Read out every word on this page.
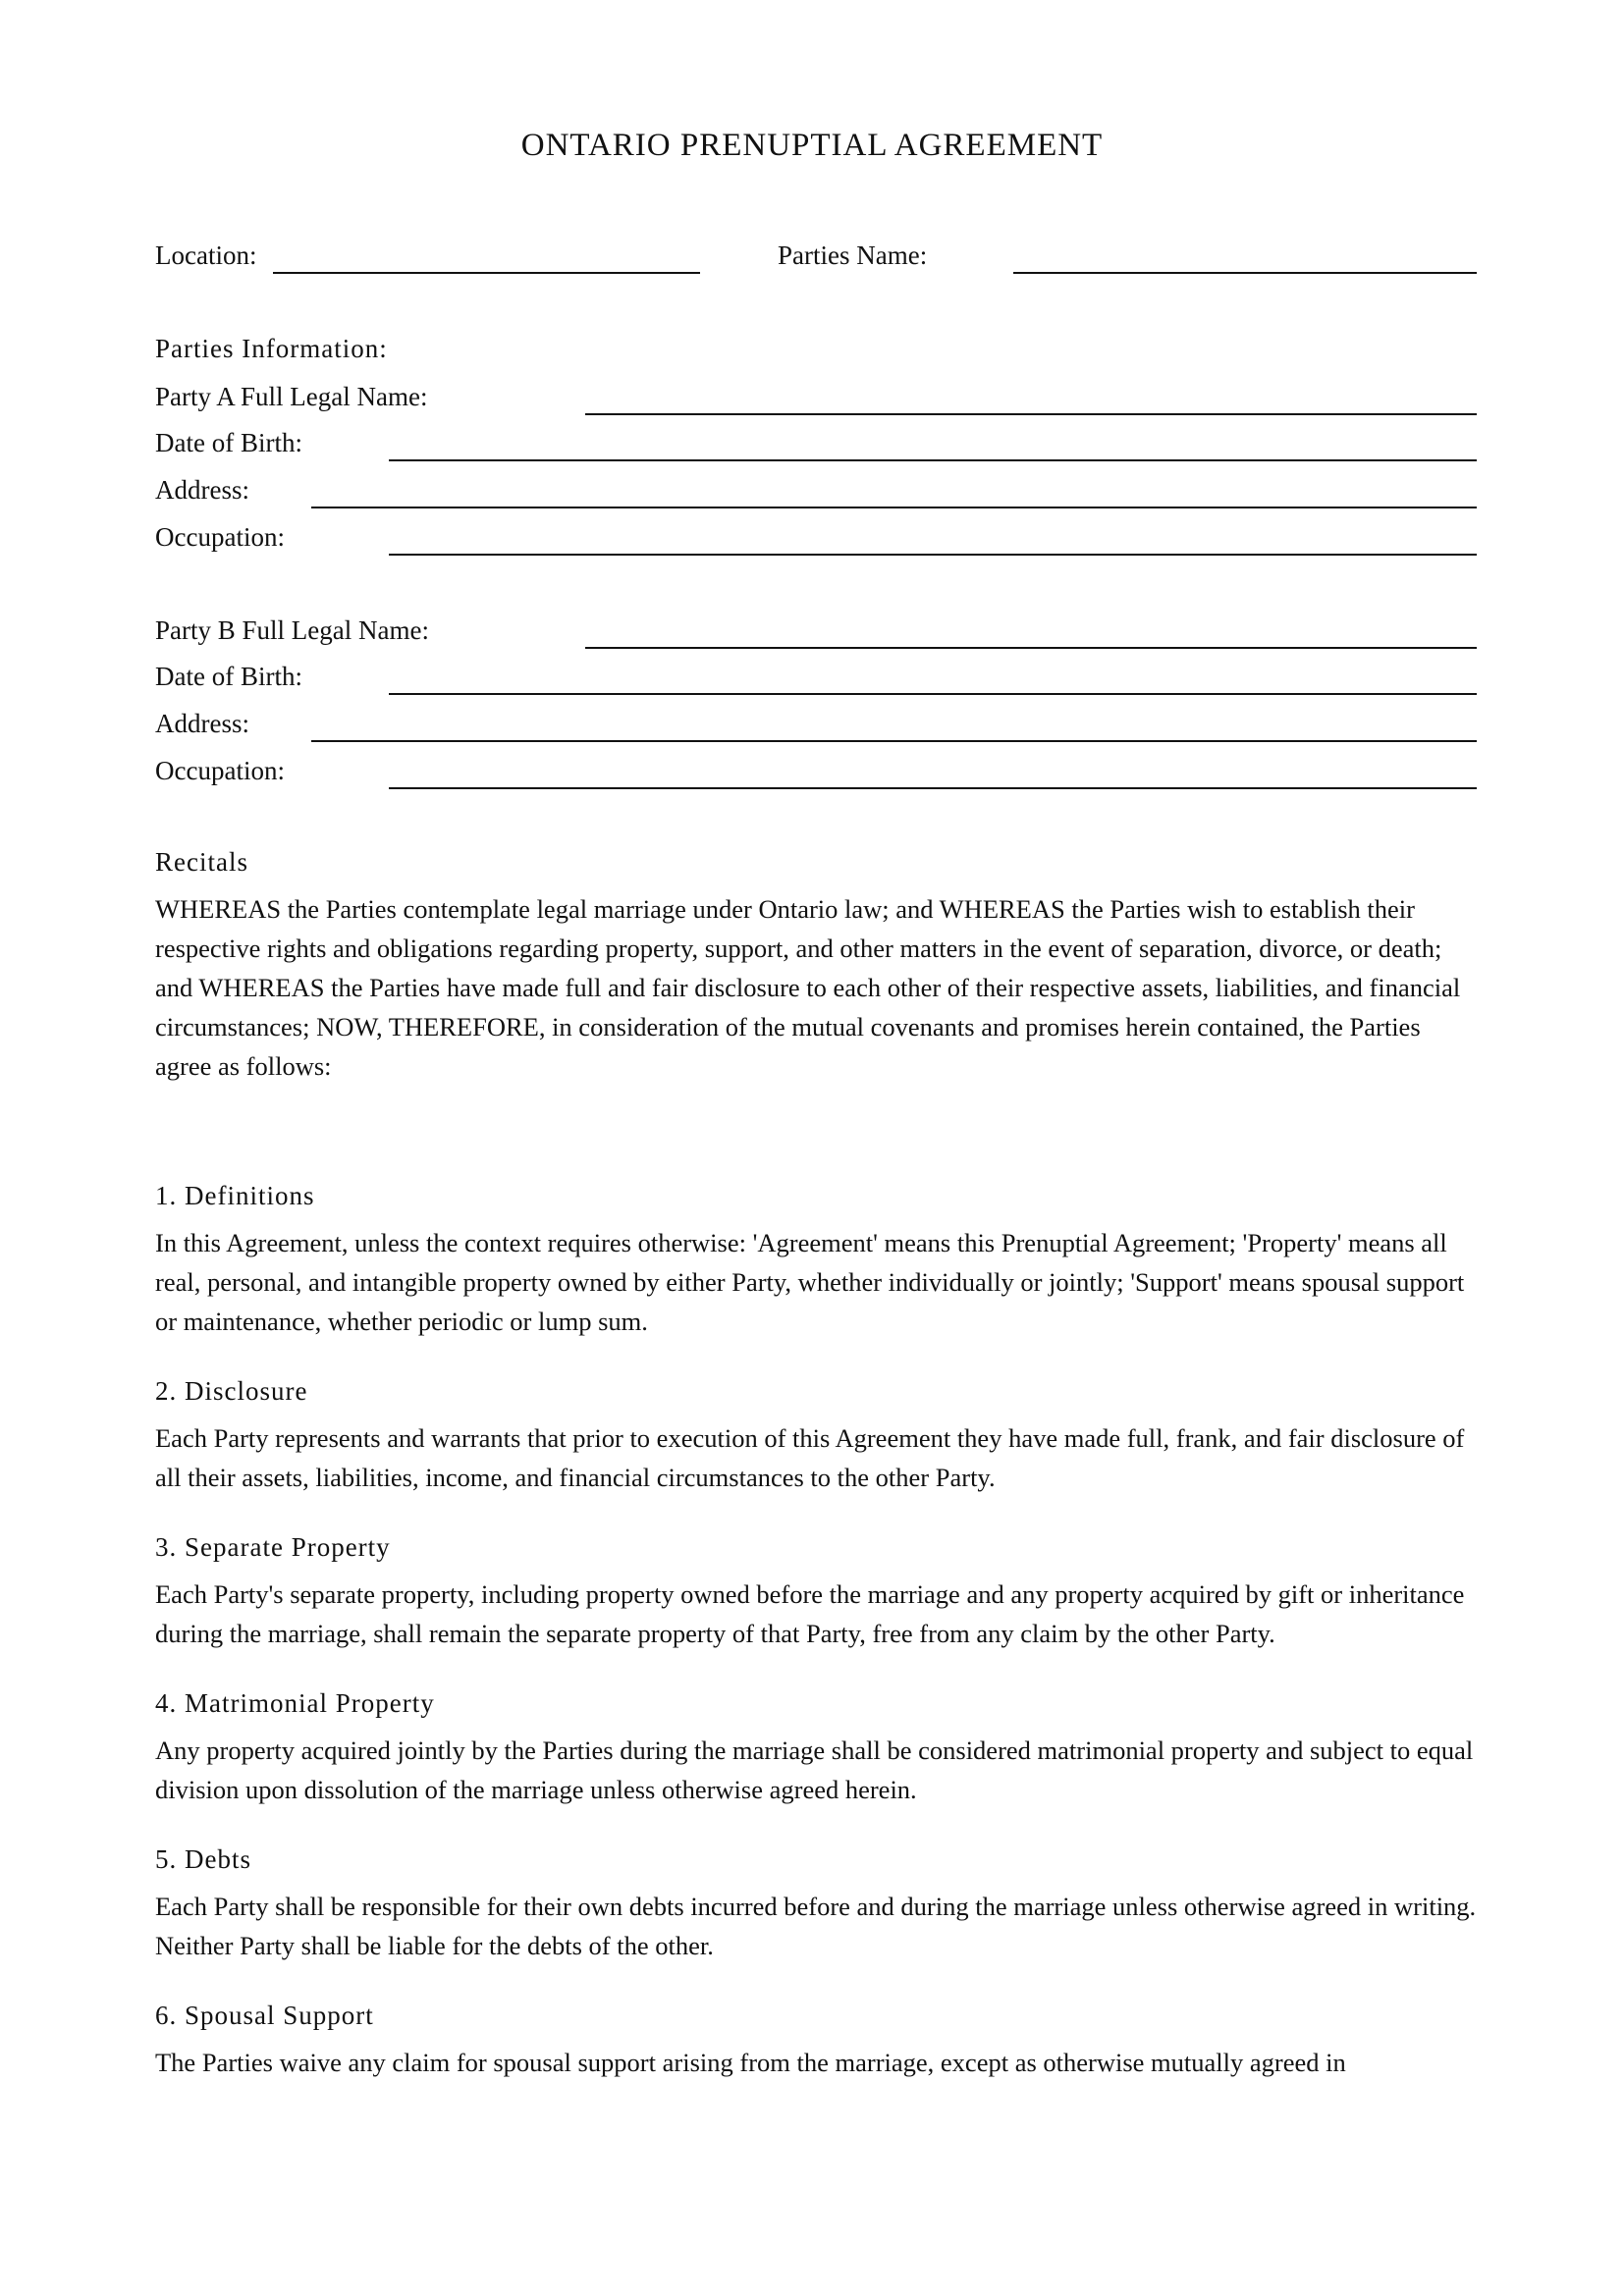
ONTARIO PRENUPTIAL AGREEMENT
Location:	Parties Name:
Parties Information:
Party A Full Legal Name:
Date of Birth:
Address:
Occupation:
Party B Full Legal Name:
Date of Birth:
Address:
Occupation:
Recitals
WHEREAS the Parties contemplate legal marriage under Ontario law; and WHEREAS the Parties wish to establish their respective rights and obligations regarding property, support, and other matters in the event of separation, divorce, or death; and WHEREAS the Parties have made full and fair disclosure to each other of their respective assets, liabilities, and financial circumstances; NOW, THEREFORE, in consideration of the mutual covenants and promises herein contained, the Parties agree as follows:
1. Definitions
In this Agreement, unless the context requires otherwise: 'Agreement' means this Prenuptial Agreement; 'Property' means all real, personal, and intangible property owned by either Party, whether individually or jointly; 'Support' means spousal support or maintenance, whether periodic or lump sum.
2. Disclosure
Each Party represents and warrants that prior to execution of this Agreement they have made full, frank, and fair disclosure of all their assets, liabilities, income, and financial circumstances to the other Party.
3. Separate Property
Each Party's separate property, including property owned before the marriage and any property acquired by gift or inheritance during the marriage, shall remain the separate property of that Party, free from any claim by the other Party.
4. Matrimonial Property
Any property acquired jointly by the Parties during the marriage shall be considered matrimonial property and subject to equal division upon dissolution of the marriage unless otherwise agreed herein.
5. Debts
Each Party shall be responsible for their own debts incurred before and during the marriage unless otherwise agreed in writing. Neither Party shall be liable for the debts of the other.
6. Spousal Support
The Parties waive any claim for spousal support arising from the marriage, except as otherwise mutually agreed in
